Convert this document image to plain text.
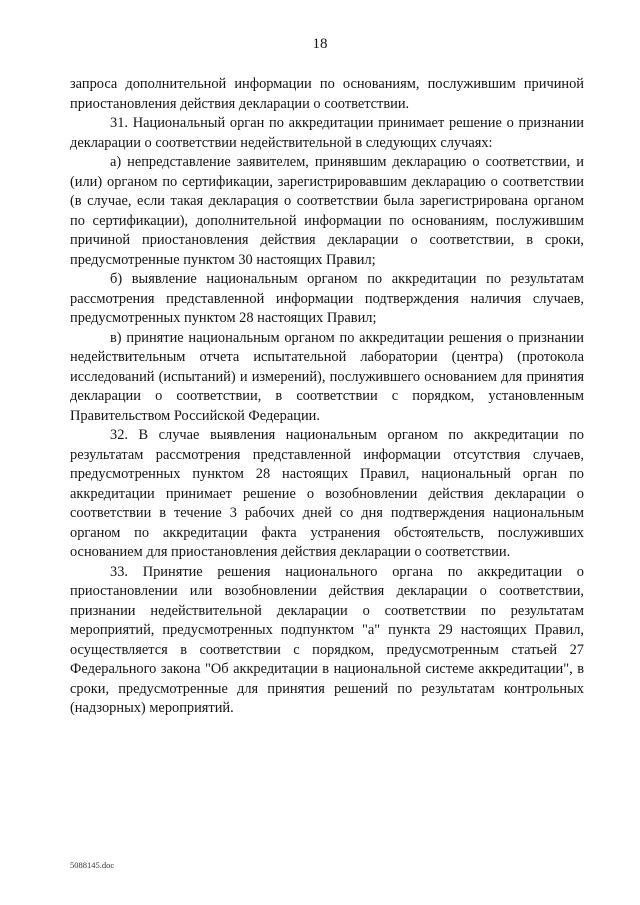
18

запроса дополнительной информации по основаниям, послужившим причиной приостановления действия декларации о соответствии.

31. Национальный орган по аккредитации принимает решение о признании декларации о соответствии недействительной в следующих случаях:

а) непредставление заявителем, принявшим декларацию о соответствии, и (или) органом по сертификации, зарегистрировавшим декларацию о соответствии (в случае, если такая декларация о соответствии была зарегистрирована органом по сертификации), дополнительной информации по основаниям, послужившим причиной приостановления действия декларации о соответствии, в сроки, предусмотренные пунктом 30 настоящих Правил;

б) выявление национальным органом по аккредитации по результатам рассмотрения представленной информации подтверждения наличия случаев, предусмотренных пунктом 28 настоящих Правил;

в) принятие национальным органом по аккредитации решения о признании недействительным отчета испытательной лаборатории (центра) (протокола исследований (испытаний) и измерений), послужившего основанием для принятия декларации о соответствии, в соответствии с порядком, установленным Правительством Российской Федерации.

32. В случае выявления национальным органом по аккредитации по результатам рассмотрения представленной информации отсутствия случаев, предусмотренных пунктом 28 настоящих Правил, национальный орган по аккредитации принимает решение о возобновлении действия декларации о соответствии в течение 3 рабочих дней со дня подтверждения национальным органом по аккредитации факта устранения обстоятельств, послуживших основанием для приостановления действия декларации о соответствии.

33. Принятие решения национального органа по аккредитации о приостановлении или возобновлении действия декларации о соответствии, признании недействительной декларации о соответствии по результатам мероприятий, предусмотренных подпунктом "а" пункта 29 настоящих Правил, осуществляется в соответствии с порядком, предусмотренным статьей 27 Федерального закона "Об аккредитации в национальной системе аккредитации", в сроки, предусмотренные для принятия решений по результатам контрольных (надзорных) мероприятий.

5088145.doc
